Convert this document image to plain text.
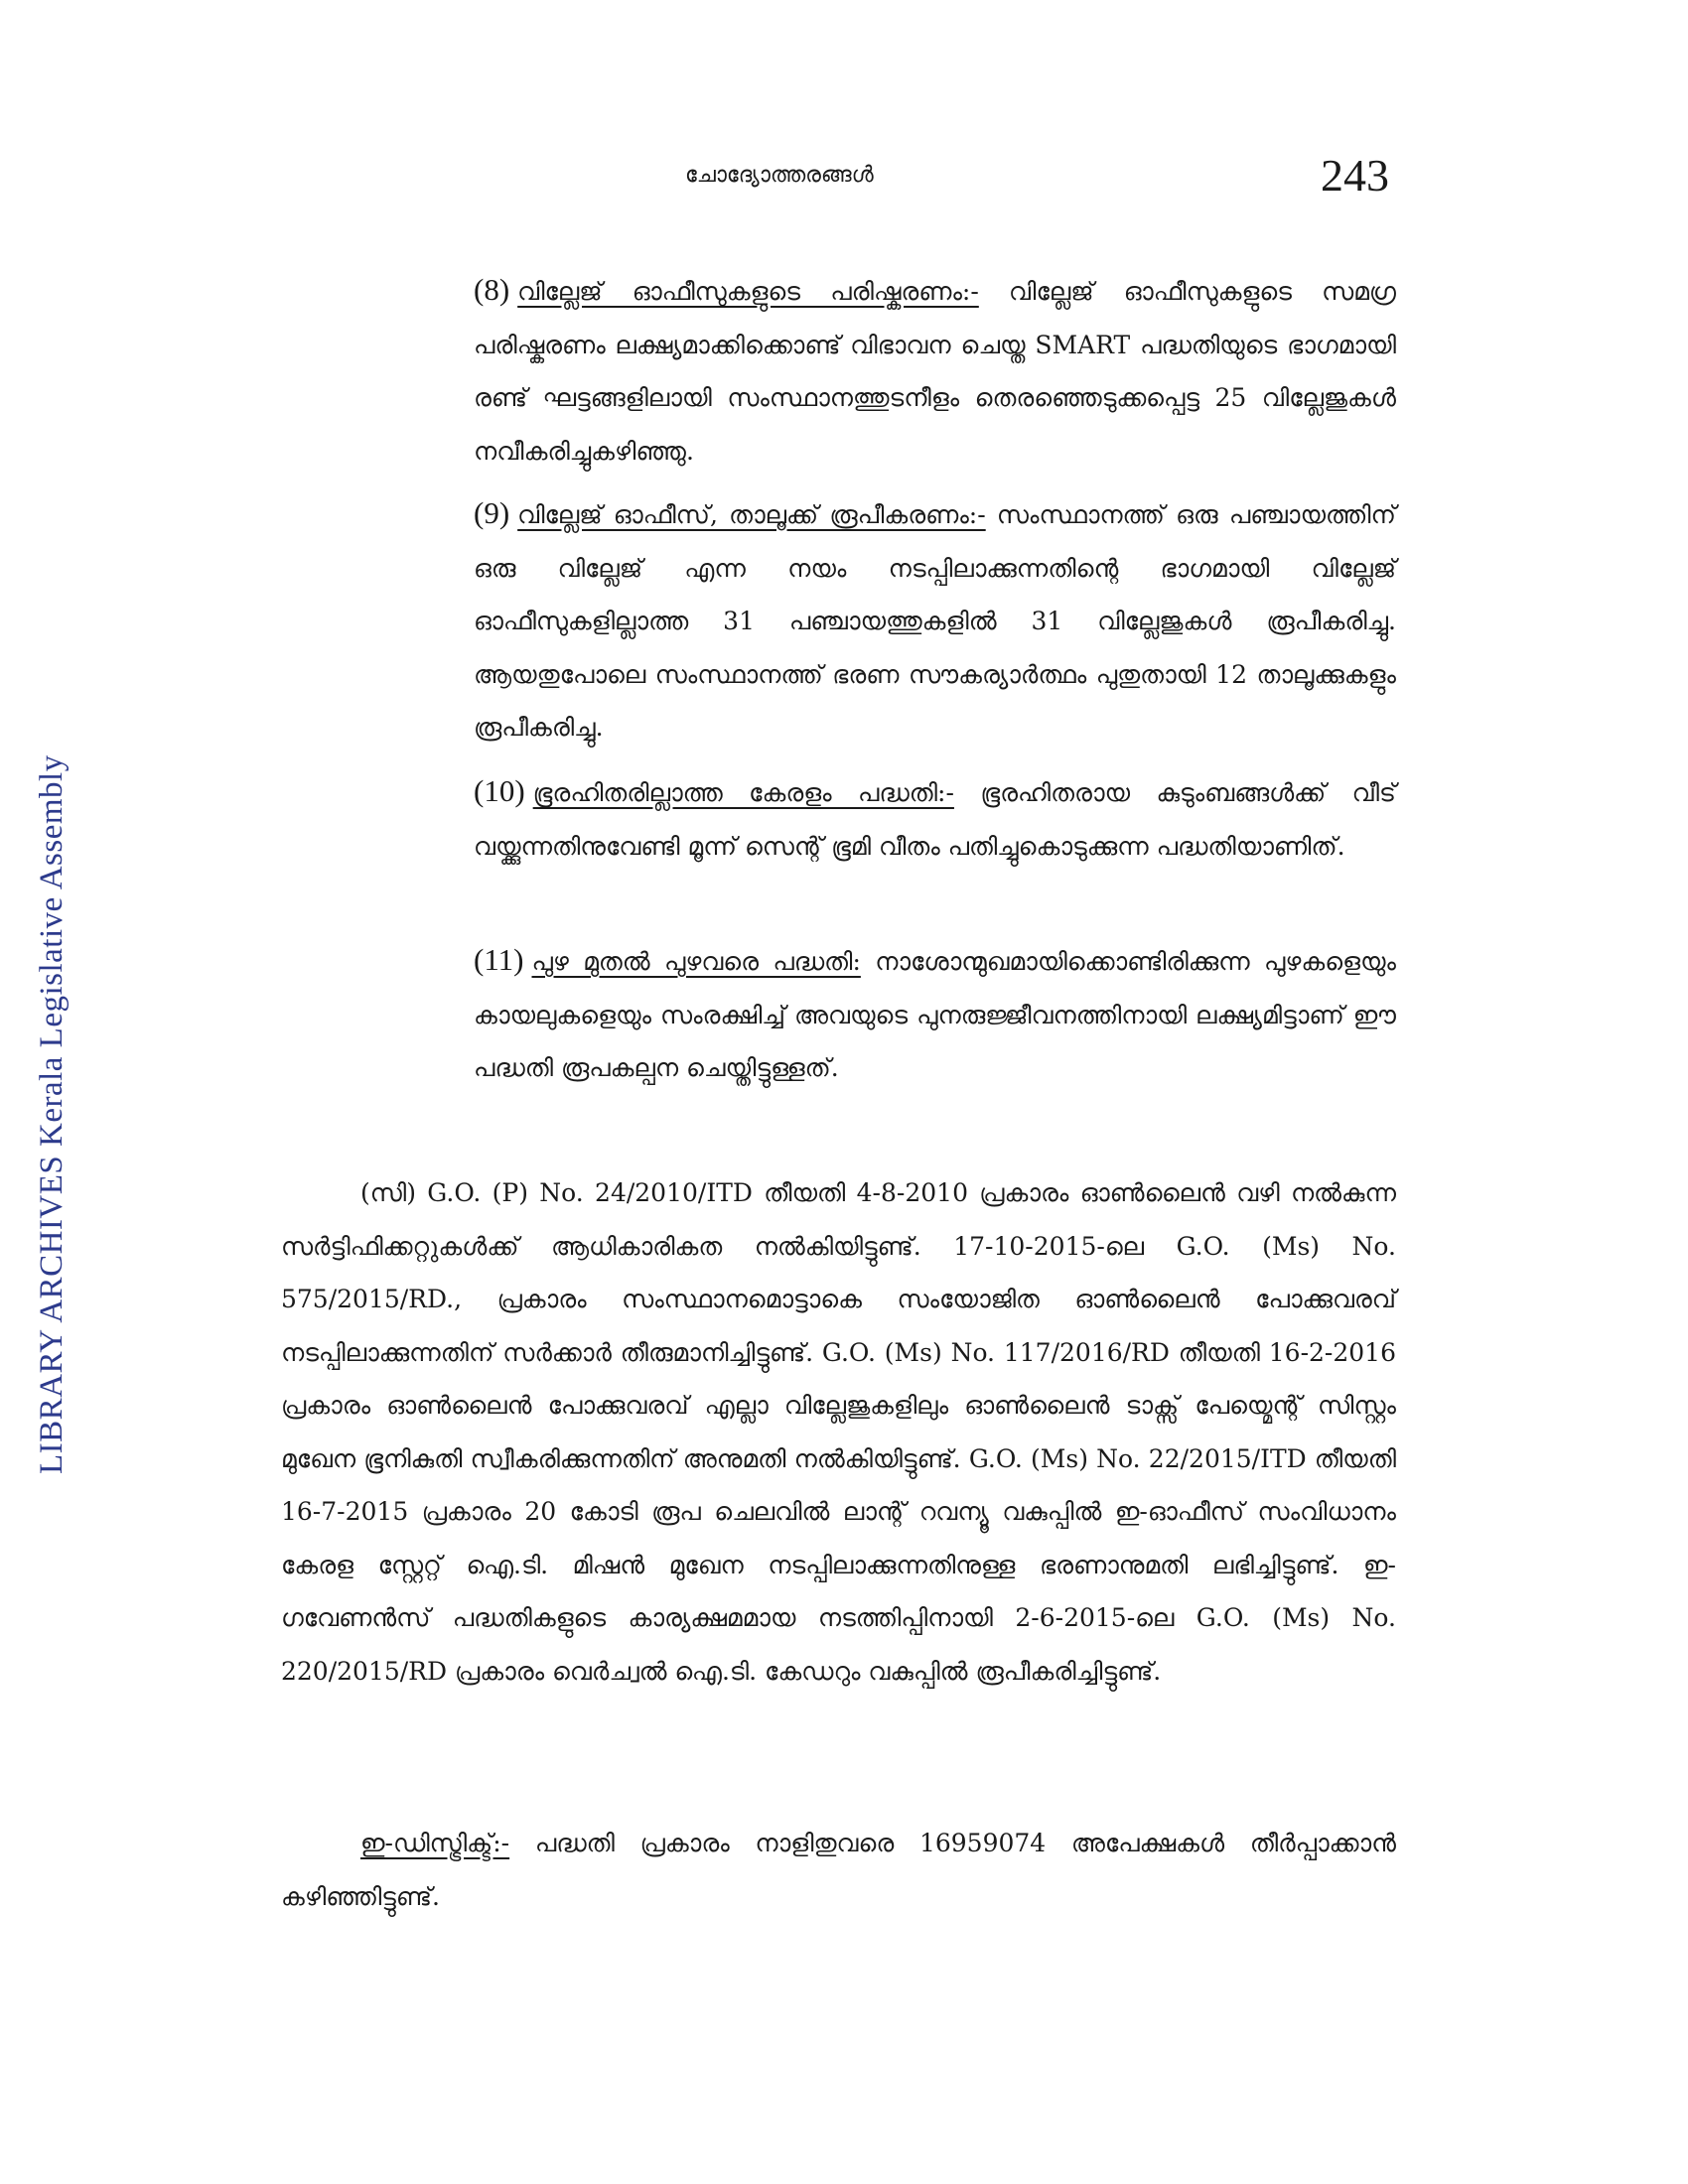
LIBRARY ARCHIVES Kerala Legislative Assembly
ചോദ്യോത്തരങ്ങൾ	243
(8) വില്ലേജ് ഓഫീസുകളുടെ പരിഷ്കരണം:- വില്ലേജ് ഓഫീസുകളുടെ സമഗ്ര പരിഷ്കരണം ലക്ഷ്യമാക്കിക്കൊണ്ട് വിഭാവന ചെയ്ത SMART പദ്ധതിയുടെ ഭാഗമായി രണ്ട് ഘട്ടങ്ങളിലായി സംസ്ഥാനത്തുടനീളം തെരഞ്ഞെടുക്കപ്പെട്ട 25 വില്ലേജുകൾ നവീകരിച്ചുകഴിഞ്ഞു.
(9) വില്ലേജ് ഓഫീസ്, താലൂക്ക് രൂപീകരണം:- സംസ്ഥാനത്ത് ഒരു പഞ്ചായത്തിന് ഒരു വില്ലേജ് എന്ന നയം നടപ്പിലാക്കുന്നതിന്റെ ഭാഗമായി വില്ലേജ് ഓഫീസുകളില്ലാത്ത 31 പഞ്ചായത്തുകളിൽ 31 വില്ലേജുകൾ രൂപീകരിച്ചു. ആയതുപോലെ സംസ്ഥാനത്ത് ഭരണ സൗകര്യാർത്ഥം പുതുതായി 12 താലൂക്കുകളും രൂപീകരിച്ചു.
(10) ഭൂരഹിതരില്ലാത്ത കേരളം പദ്ധതി:- ഭൂരഹിതരായ കുടുംബങ്ങൾക്ക് വീട് വയ്ക്കുന്നതിനുവേണ്ടി മൂന്ന് സെന്റ് ഭൂമി വീതം പതിച്ചുകൊടുക്കുന്ന പദ്ധതിയാണിത്.
(11) പുഴ മുതൽ പുഴവരെ പദ്ധതി: നാശോന്മുഖമായിക്കൊണ്ടിരിക്കുന്ന പുഴകളെയും കായലുകളെയും സംരക്ഷിച്ച് അവയുടെ പുനരുജ്ജീവനത്തിനായി ലക്ഷ്യമിട്ടാണ് ഈ പദ്ധതി രൂപകല്പന ചെയ്തിട്ടുള്ളത്.
(സി) G.O. (P) No. 24/2010/ITD തീയതി 4-8-2010 പ്രകാരം ഓൺലൈൻ വഴി നൽകുന്ന സർട്ടിഫിക്കറ്റുകൾക്ക് ആധികാരികത നൽകിയിട്ടുണ്ട്. 17-10-2015-ലെ G.O. (Ms) No. 575/2015/RD., പ്രകാരം സംസ്ഥാനമൊട്ടാകെ സംയോജിത ഓൺലൈൻ പോക്കുവരവ് നടപ്പിലാക്കുന്നതിന് സർക്കാർ തീരുമാനിച്ചിട്ടുണ്ട്. G.O. (Ms) No. 117/2016/RD തീയതി 16-2-2016 പ്രകാരം ഓൺലൈൻ പോക്കുവരവ് എല്ലാ വില്ലേജുകളിലും ഓൺലൈൻ ടാക്സ് പേയ്മെന്റ് സിസ്റ്റം മുഖേന ഭൂനികുതി സ്വീകരിക്കുന്നതിന് അനുമതി നൽകിയിട്ടുണ്ട്. G.O. (Ms) No. 22/2015/ITD തീയതി 16-7-2015 പ്രകാരം 20 കോടി രൂപ ചെലവിൽ ലാന്റ് റവന്യൂ വകുപ്പിൽ ഇ-ഓഫീസ് സംവിധാനം കേരള സ്റ്റേറ്റ് ഐ.ടി. മിഷൻ മുഖേന നടപ്പിലാക്കുന്നതിനുള്ള ഭരണാനുമതി ലഭിച്ചിട്ടുണ്ട്. ഇ-ഗവേണൻസ് പദ്ധതികളുടെ കാര്യക്ഷമമായ നടത്തിപ്പിനായി 2-6-2015-ലെ G.O. (Ms) No. 220/2015/RD പ്രകാരം വെർച്വൽ ഐ.ടി. കേഡറും വകുപ്പിൽ രൂപീകരിച്ചിട്ടുണ്ട്.
ഇ-ഡിസ്ട്രിക്ട്:- പദ്ധതി പ്രകാരം നാളിതുവരെ 16959074 അപേക്ഷകൾ തീർപ്പാക്കാൻ കഴിഞ്ഞിട്ടുണ്ട്.
